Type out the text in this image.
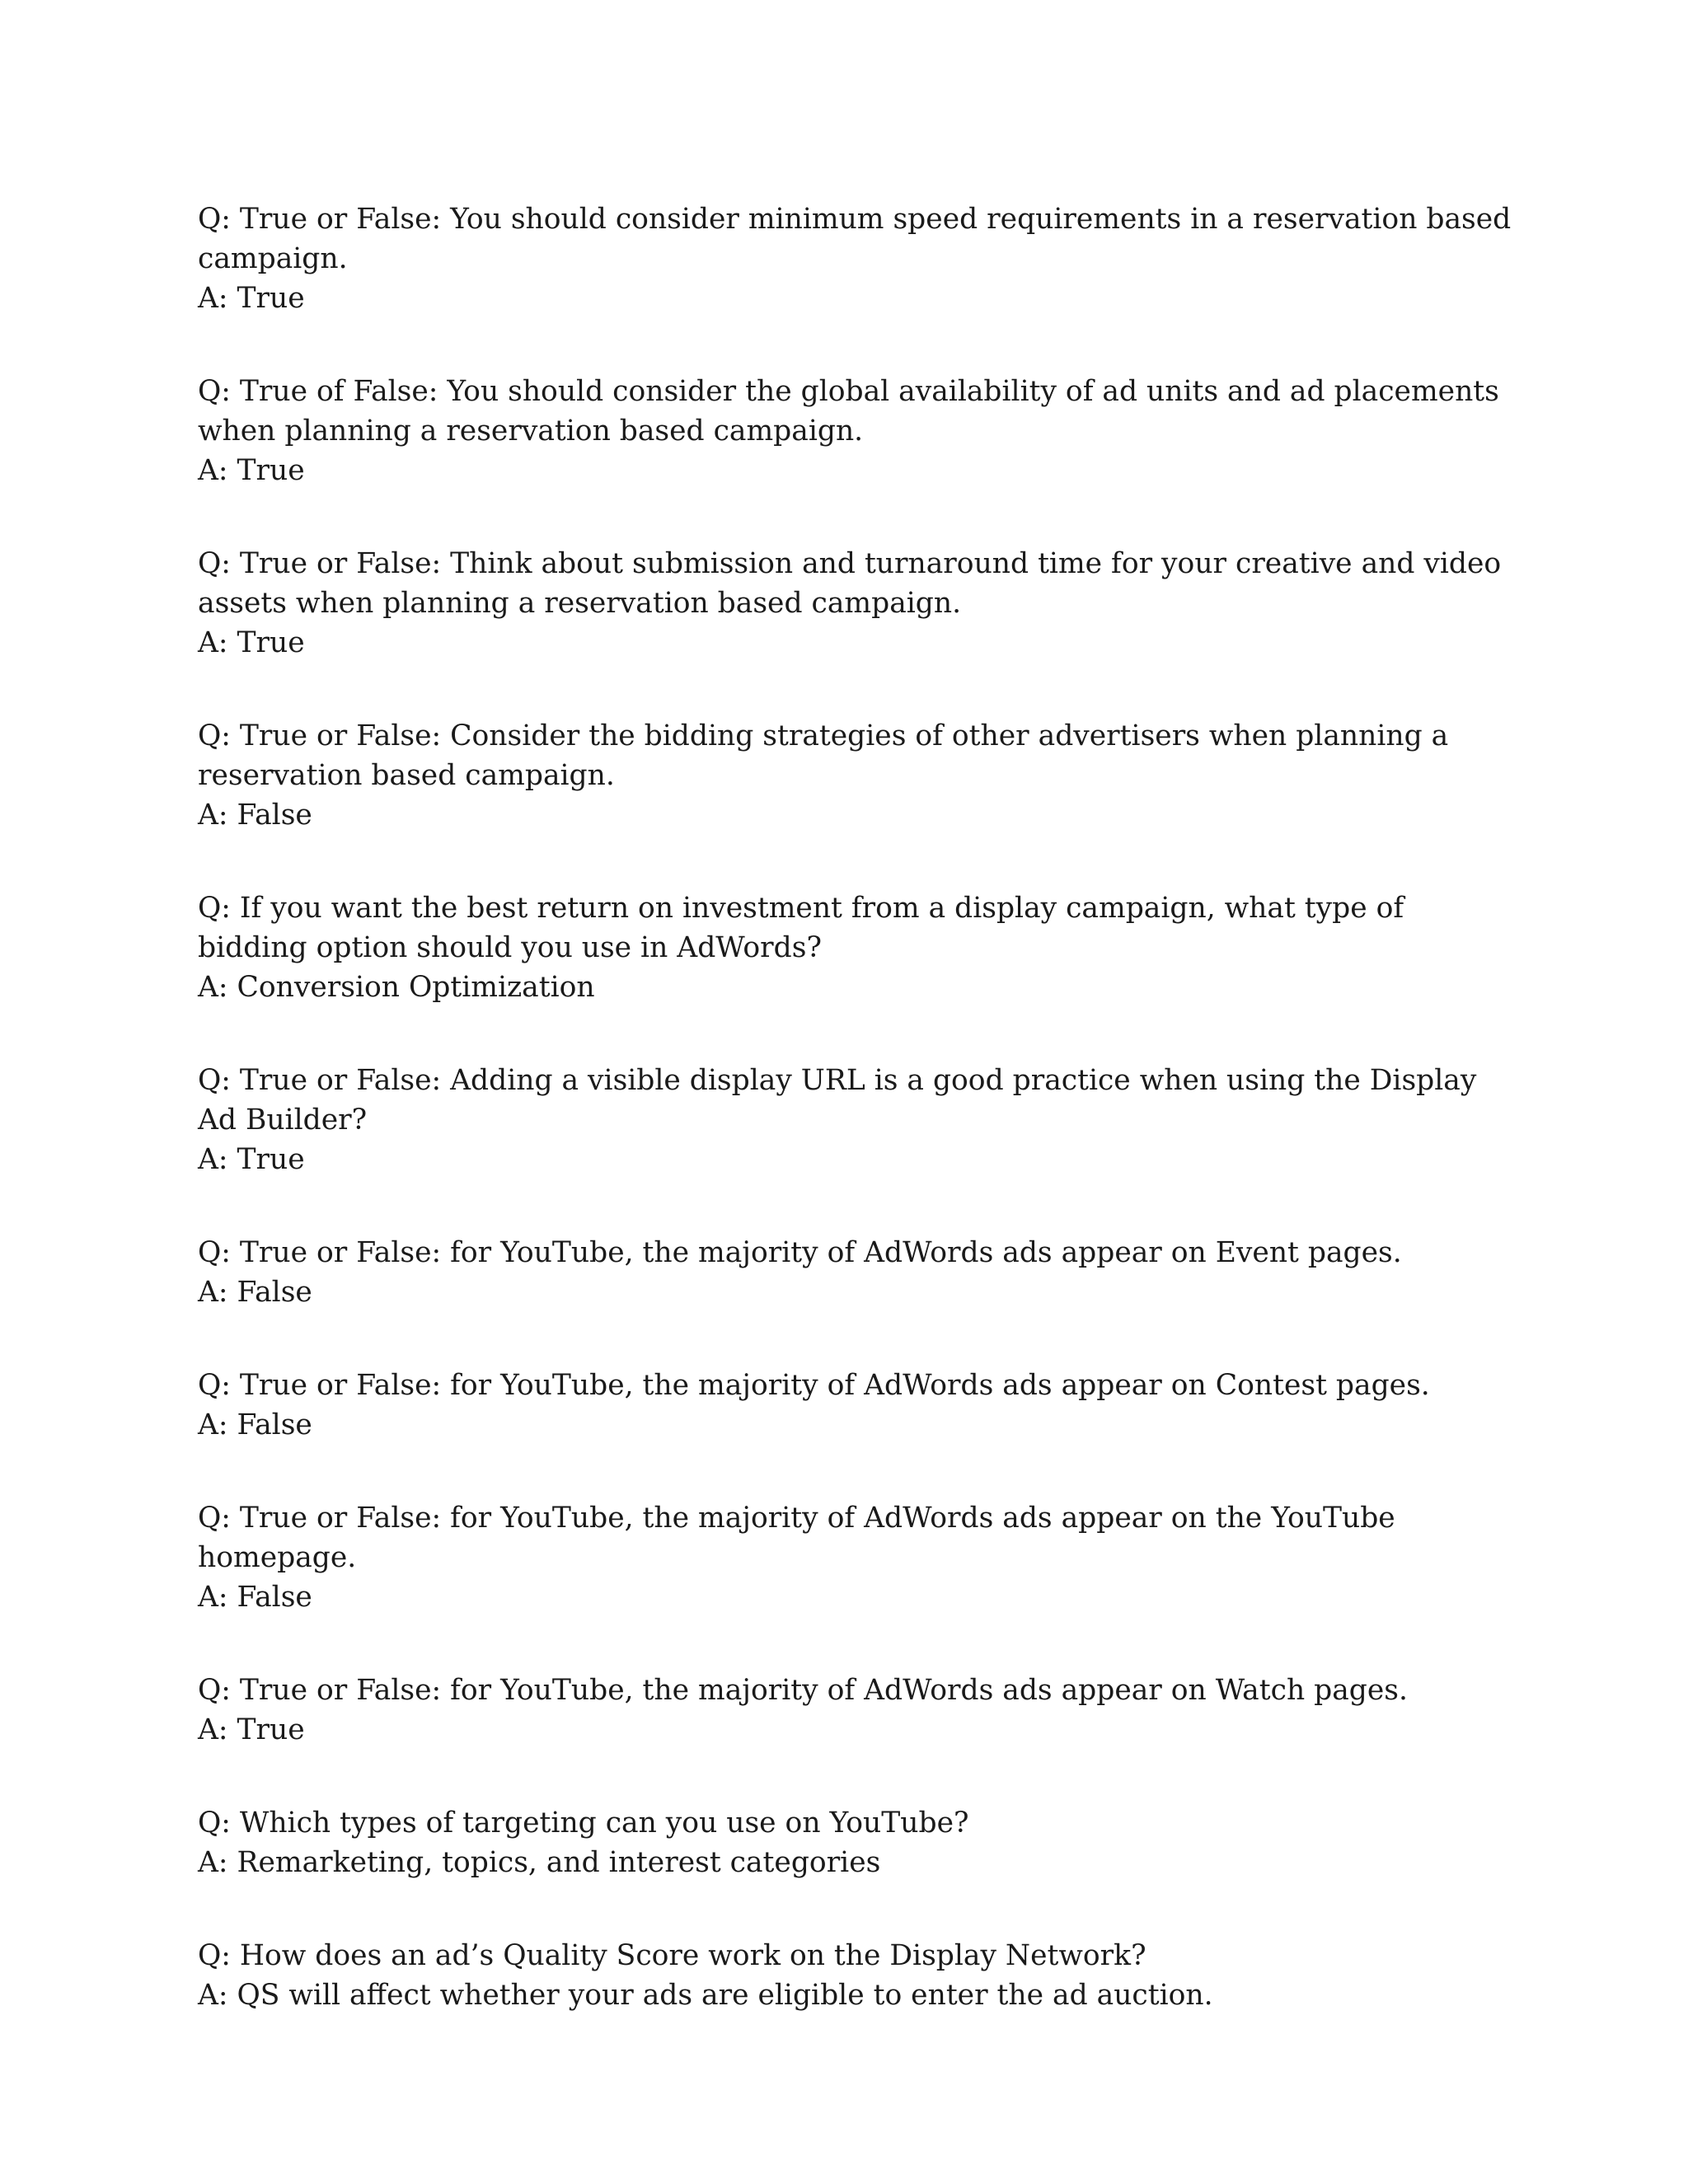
Q: True or False: You should consider minimum speed requirements in a reservation based campaign.

A: True

Q: True of False: You should consider the global availability of ad units and ad placements when planning a reservation based campaign.

A: True

Q: True or False: Think about submission and turnaround time for your creative and video assets when planning a reservation based campaign.

A: True

Q: True or False: Consider the bidding strategies of other advertisers when planning a reservation based campaign.

A: False

Q: If you want the best return on investment from a display campaign, what type of bidding option should you use in AdWords?

A: Conversion Optimization

Q: True or False: Adding a visible display URL is a good practice when using the Display Ad Builder?

A: True

Q: True or False: for YouTube, the majority of AdWords ads appear on Event pages.

A: False

Q: True or False: for YouTube, the majority of AdWords ads appear on Contest pages.

A: False

Q: True or False: for YouTube, the majority of AdWords ads appear on the YouTube homepage.

A: False

Q: True or False: for YouTube, the majority of AdWords ads appear on Watch pages.

A: True

Q: Which types of targeting can you use on YouTube?

A: Remarketing, topics, and interest categories

Q: How does an ad’s Quality Score work on the Display Network?

A: QS will affect whether your ads are eligible to enter the ad auction.
